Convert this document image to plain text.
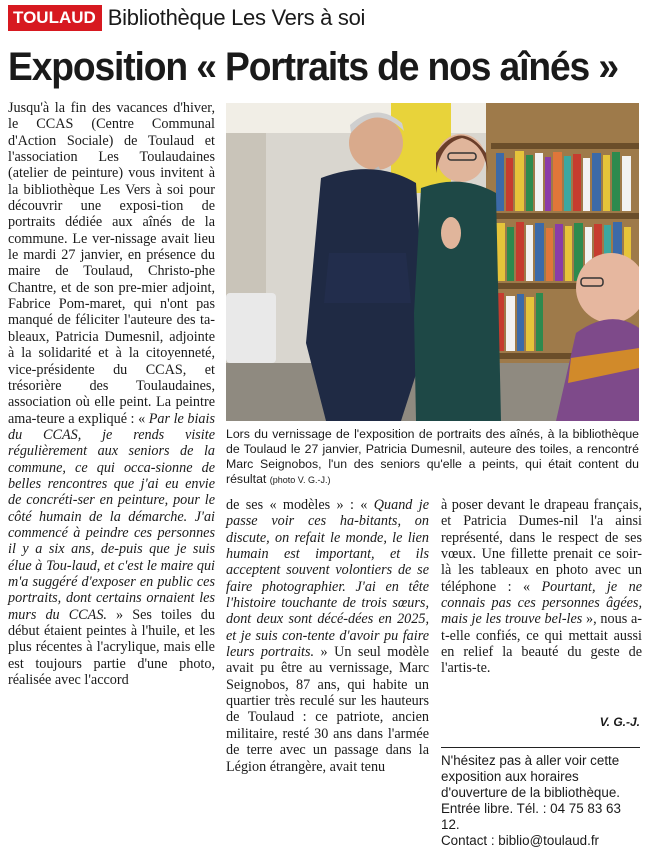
TOULAUD Bibliothèque Les Vers à soi
Exposition « Portraits de nos aînés »

Jusqu'à la fin des vacances d'hiver, le CCAS (Centre Communal d'Action Sociale) de Toulaud et l'association Les Toulaudaines (atelier de peinture) vous invitent à la bibliothèque Les Vers à soi pour découvrir une exposi-tion de portraits dédiée aux aînés de la commune. Le ver-nissage avait lieu le mardi 27 janvier, en présence du maire de Toulaud, Christo-phe Chantre, et de son pre-mier adjoint, Fabrice Pom-maret, qui n'ont pas manqué de féliciter l'auteure des ta-bleaux, Patricia Dumesnil, adjointe à la solidarité et à la citoyenneté, vice-présidente du CCAS, et trésorière des Toulaudaines, association où elle peint. La peintre ama-teure a expliqué : « Par le biais du CCAS, je rends visite régulièrement aux seniors de la commune, ce qui occa-sionne de belles rencontres que j'ai eu envie de concréti-ser en peinture, pour le côté humain de la démarche. J'ai commencé à peindre ces personnes il y a six ans, de-puis que je suis élue à Tou-laud, et c'est le maire qui m'a suggéré d'exposer en public ces portraits, dont certains ornaient les murs du CCAS. » Ses toiles du début étaient peintes à l'huile, et les plus récentes à l'acrylique, mais elle est toujours partie d'une photo, réalisée avec l'accord

Lors du vernissage de l'exposition de portraits des aînés, à la bibliothèque de Toulaud le 27 janvier, Patricia Dumesnil, auteure des toiles, a rencontré Marc Seignobos, l'un des seniors qu'elle a peints, qui était content du résultat (photo V. G.-J.)

de ses « modèles » : « Quand je passe voir ces ha-bitants, on discute, on refait le monde, le lien humain est important, et ils acceptent souvent volontiers de se faire photographier. J'ai en tête l'histoire touchante de trois sœurs, dont deux sont décé-dées en 2025, et je suis con-tente d'avoir pu faire leurs portraits. » Un seul modèle avait pu être au vernissage, Marc Seignobos, 87 ans, qui habite un quartier très reculé sur les hauteurs de Toulaud : ce patriote, ancien militaire, resté 30 ans dans l'armée de terre avec un passage dans la Légion étrangère, avait tenu

à poser devant le drapeau français, et Patricia Dumes-nil l'a ainsi représenté, dans le respect de ses vœux. Une fillette prenait ce soir-là les tableaux en photo avec un téléphone : « Pourtant, je ne connais pas ces personnes âgées, mais je les trouve bel-les », nous a-t-elle confiés, ce qui mettait aussi en relief la beauté du geste de l'artis-te.

V. G.-J.

N'hésitez pas à aller voir cette exposition aux horaires d'ouverture de la bibliothèque.

Entrée libre. Tél. : 04 75 83 63 12.
Contact : biblio@toulaud.fr
